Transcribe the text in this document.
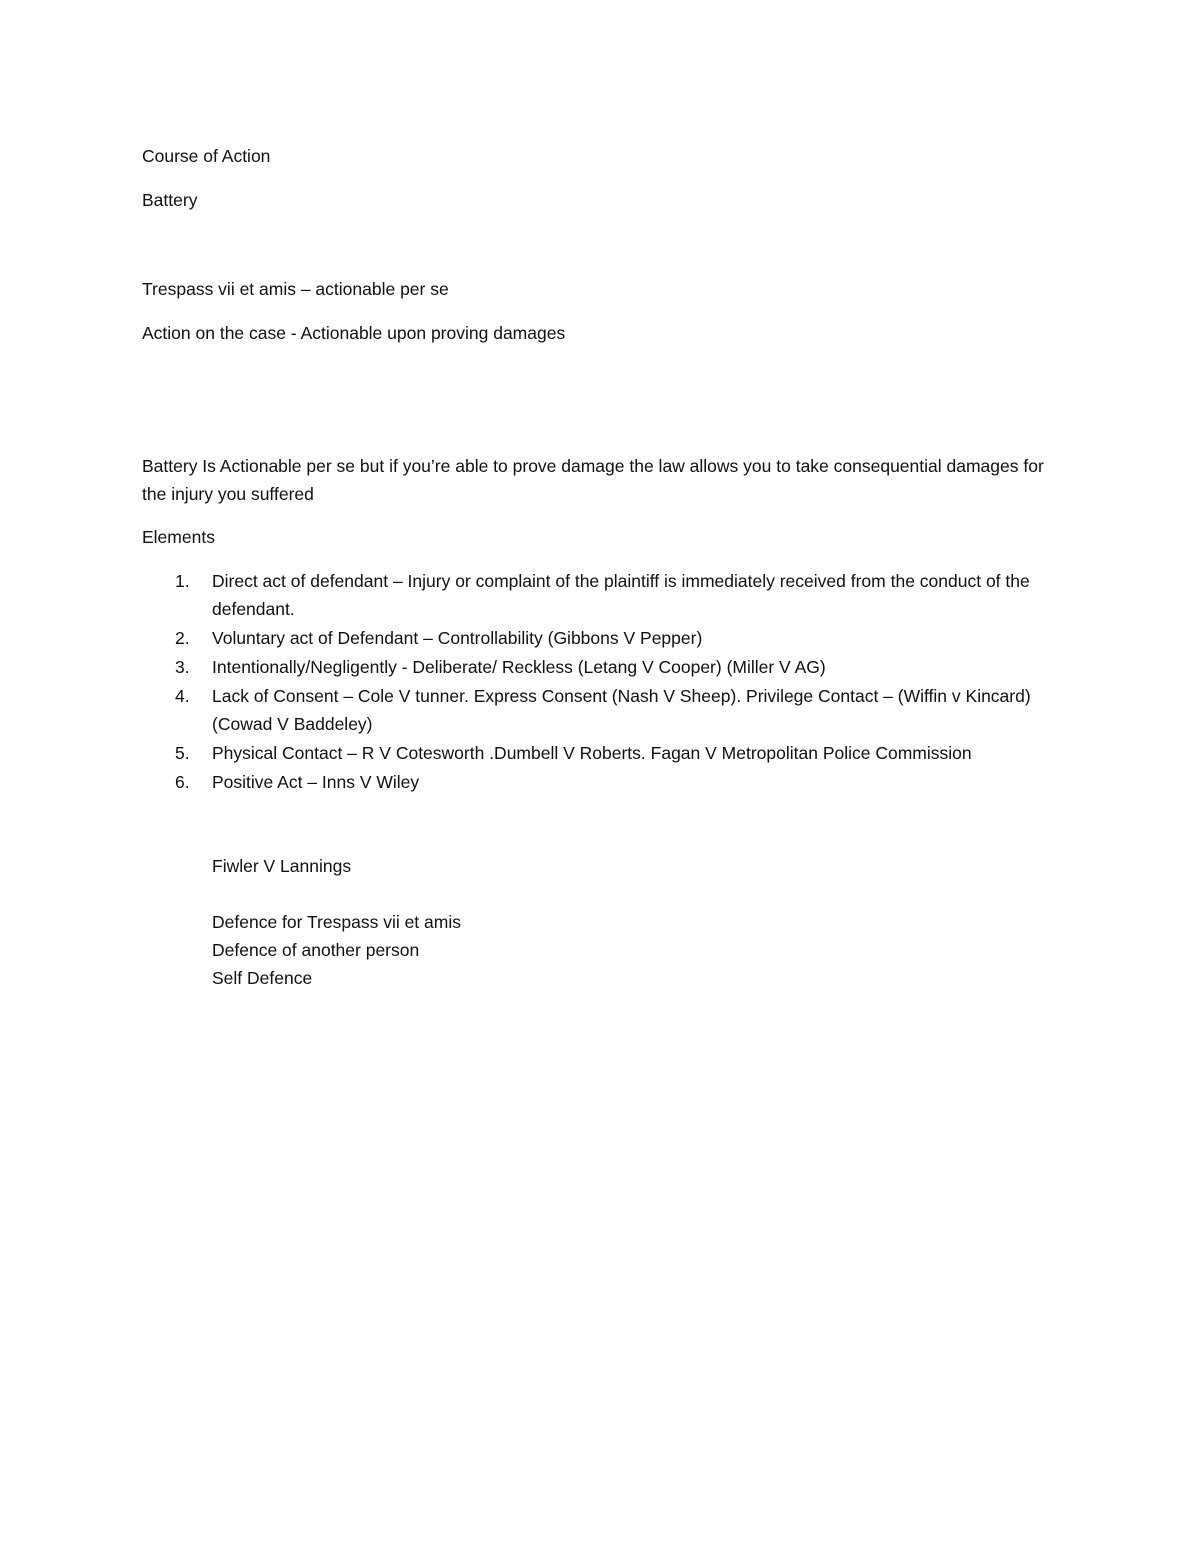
Course of Action
Battery
Trespass vii et amis – actionable per se
Action on the case - Actionable upon proving damages
Battery Is Actionable per se but if you’re able to prove damage the law allows you to take consequential damages for the injury you suffered
Elements
1. Direct act of defendant – Injury or complaint of the plaintiff is immediately received from the conduct of the defendant.
2. Voluntary act of Defendant – Controllability (Gibbons V Pepper)
3. Intentionally/Negligently - Deliberate/ Reckless (Letang V Cooper) (Miller V AG)
4. Lack of Consent – Cole V tunner. Express Consent (Nash V Sheep). Privilege Contact – (Wiffin v Kincard) (Cowad V Baddeley)
5. Physical Contact – R V Cotesworth .Dumbell V Roberts. Fagan V Metropolitan Police Commission
6. Positive Act – Inns V Wiley
Fiwler V Lannings
Defence for Trespass vii et amis
Defence of another person
Self Defence
